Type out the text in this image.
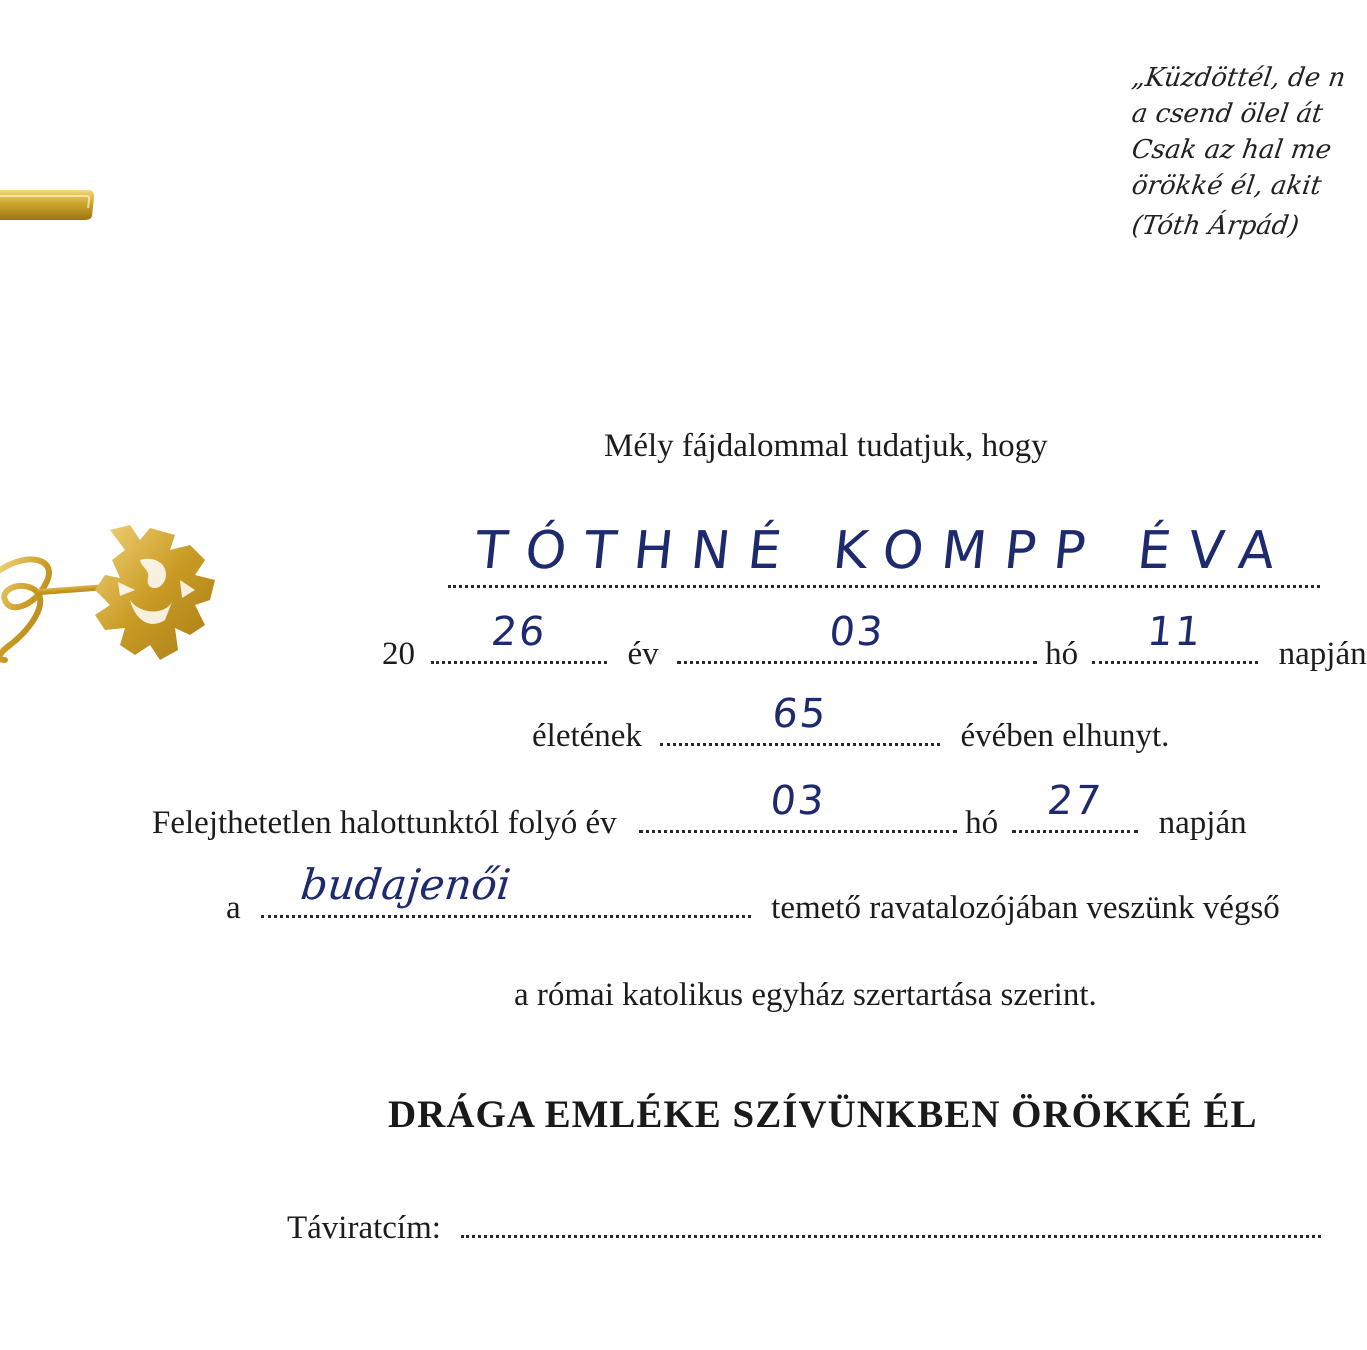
„Küzdöttél, de n
a csend ölel át
Csak az hal me
örökké él, akit
(Tóth Árpád)
Mély fájdalommal tudatjuk, hogy
TÓTHNÉ KOMPP ÉVA
20	26	év	03	hó	11	napján
életének	65	évében elhunyt.
Felejthetetlen halottunktól folyó év	03	hó	27	napján
a budajenői	temető ravatalozójában veszünk végső
a római katolikus egyház szertartása szerint.
DRÁGA EMLÉKE SZÍVÜNKBEN ÖRÖKKÉ ÉL
Táviratcím:
